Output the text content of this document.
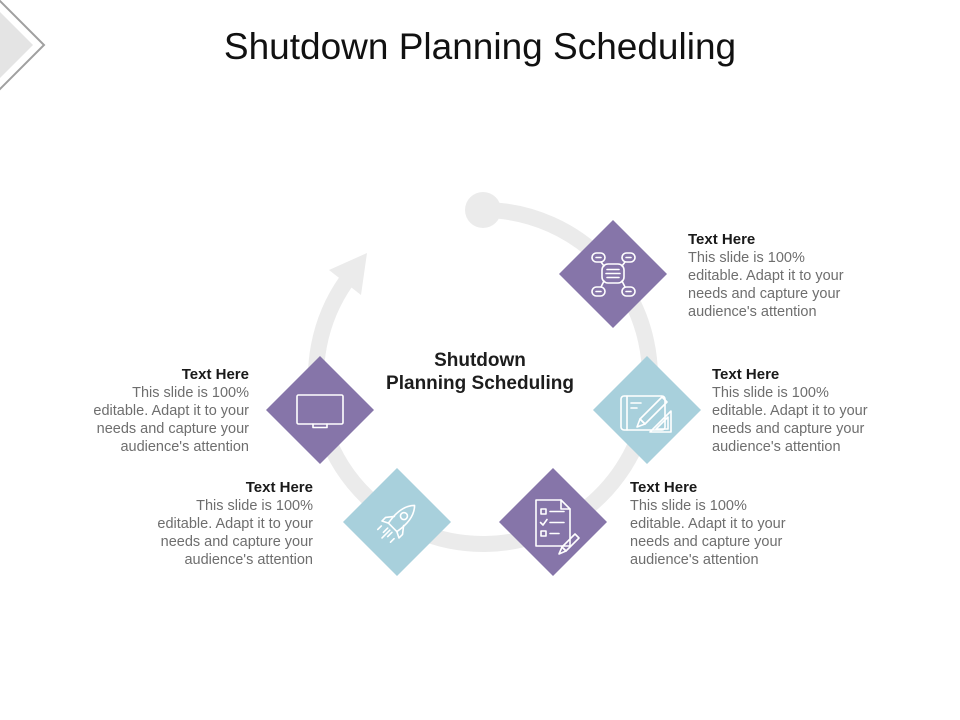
Shutdown Planning Scheduling
Shutdown
Planning Scheduling
Text Here
This slide is 100%
editable. Adapt it to your
needs and capture your
audience's attention
Text Here
This slide is 100%
editable. Adapt it to your
needs and capture your
audience's attention
Text Here
This slide is 100%
editable. Adapt it to your
needs and capture your
audience's attention
Text Here
This slide is 100%
editable. Adapt it to your
needs and capture your
audience's attention
Text Here
This slide is 100%
editable. Adapt it to your
needs and capture your
audience's attention
